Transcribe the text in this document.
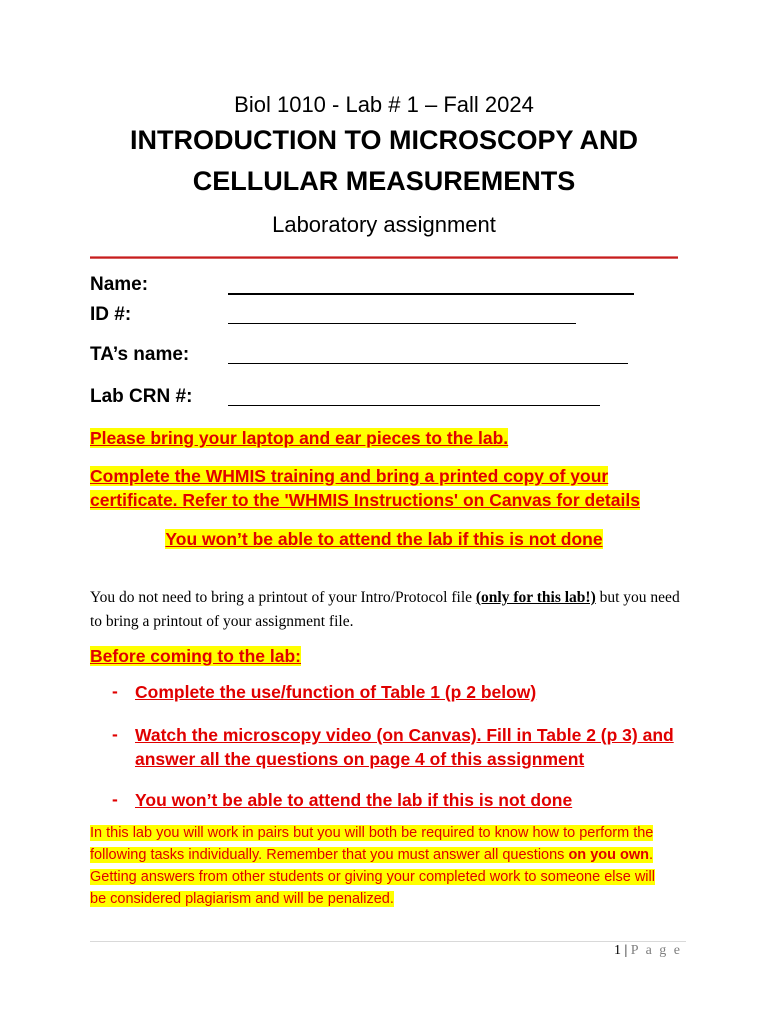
Biol 1010 - Lab # 1 – Fall 2024
INTRODUCTION TO MICROSCOPY AND
CELLULAR MEASUREMENTS
Laboratory assignment
Name:
ID #:
TA’s name:
Lab CRN #:
Please bring your laptop and ear pieces to the lab.
Complete the WHMIS training and bring a printed copy of your
certificate. Refer to the 'WHMIS Instructions' on Canvas for details
You won’t be able to attend the lab if this is not done
You do not need to bring a printout of your Intro/Protocol file (only for this lab!) but you need to bring a printout of your assignment file.
Before coming to the lab:
- Complete the use/function of Table 1 (p 2 below)
- Watch the microscopy video (on Canvas). Fill in Table 2 (p 3) and answer all the questions on page 4 of this assignment
- You won’t be able to attend the lab if this is not done
In this lab you will work in pairs but you will both be required to know how to perform the
following tasks individually. Remember that you must answer all questions on you own.
Getting answers from other students or giving your completed work to someone else will
be considered plagiarism and will be penalized.
1 | P a g e
